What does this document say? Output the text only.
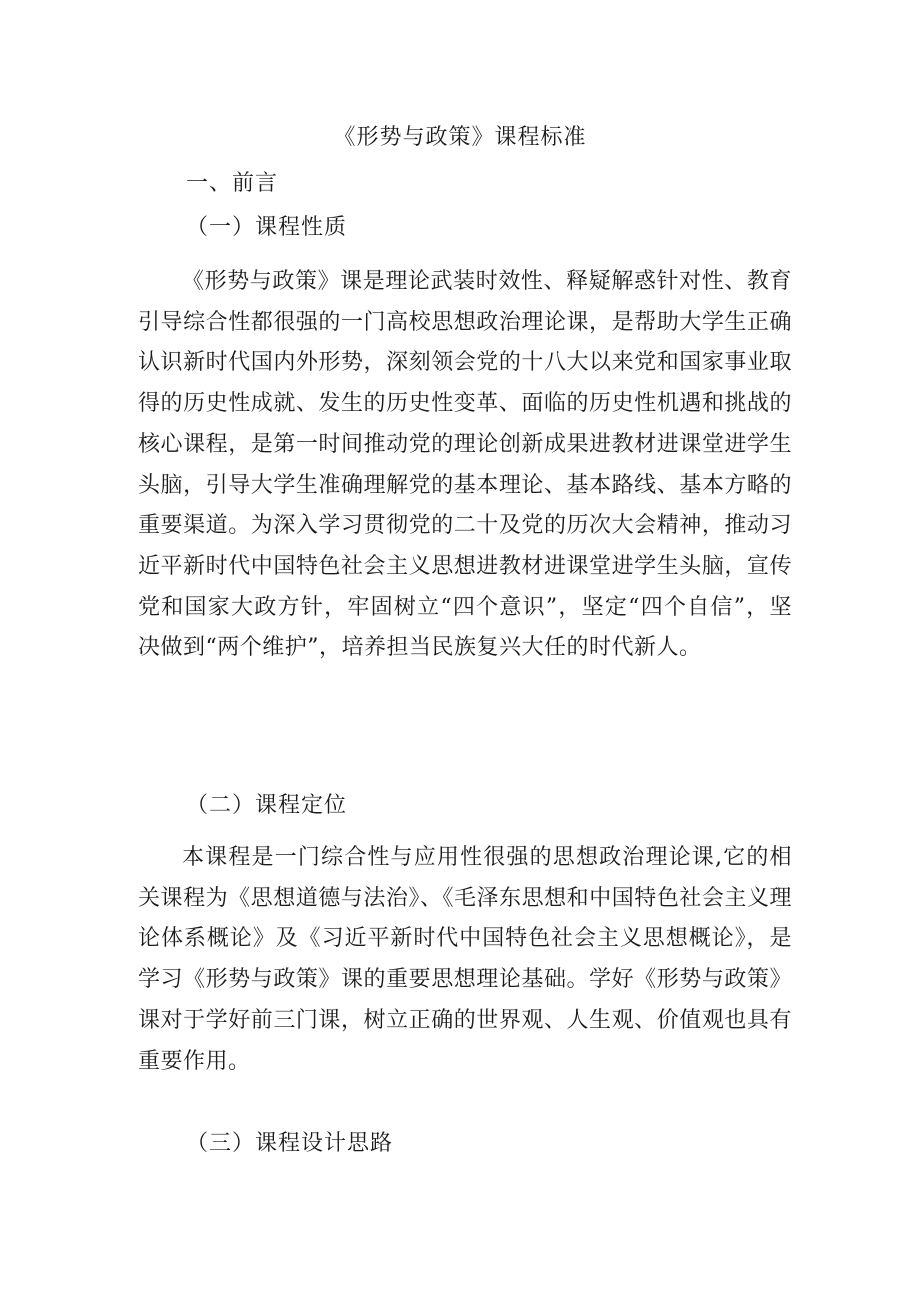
《形势与政策》课程标准
一、前言
（一）课程性质

《形势与政策》课是理论武装时效性、释疑解惑针对性、教育引导综合性都很强的一门高校思想政治理论课，是帮助大学生正确认识新时代国内外形势，深刻领会党的十八大以来党和国家事业取得的历史性成就、发生的历史性变革、面临的历史性机遇和挑战的核心课程，是第一时间推动党的理论创新成果进教材进课堂进学生头脑，引导大学生准确理解党的基本理论、基本路线、基本方略的重要渠道。为深入学习贯彻党的二十及党的历次大会精神，推动习近平新时代中国特色社会主义思想进教材进课堂进学生头脑，宣传党和国家大政方针，牢固树立“四个意识”，坚定“四个自信”，坚决做到“两个维护”，培养担当民族复兴大任的时代新人。

（二）课程定位

本课程是一门综合性与应用性很强的思想政治理论课,它的相关课程为《思想道德与法治》、《毛泽东思想和中国特色社会主义理论体系概论》及《习近平新时代中国特色社会主义思想概论》，是学习《形势与政策》课的重要思想理论基础。学好《形势与政策》课对于学好前三门课，树立正确的世界观、人生观、价值观也具有重要作用。

（三）课程设计思路
